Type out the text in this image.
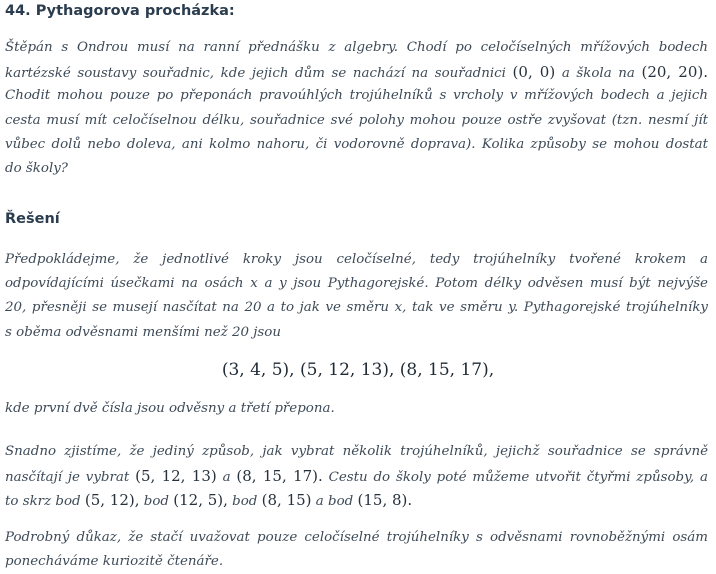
44. Pythagorova procházka:
Štěpán s Ondrou musí na ranní přednášku z algebry. Chodí po celočíselných mřížových bodech
kartézské soustavy souřadnic, kde jejich dům se nachází na souřadnici (0, 0) a škola na (20, 20).
Chodit mohou pouze po přeponách pravoúhlých trojúhelníků s vrcholy v mřížových bodech a jejich
cesta musí mít celočíselnou délku, souřadnice své polohy mohou pouze ostře zvyšovat (tzn. nesmí jít
vůbec dolů nebo doleva, ani kolmo nahoru, či vodorovně doprava). Kolika způsoby se mohou dostat
do školy?
Řešení
Předpokládejme, že jednotlivé kroky jsou celočíselné, tedy trojúhelníky tvořené krokem a
odpovídajícími úsečkami na osách x a y jsou Pythagorejské. Potom délky odvěsen musí být nejvýše
20, přesněji se musejí nasčítat na 20 a to jak ve směru x, tak ve směru y. Pythagorejské trojúhelníky
s oběma odvěsnami menšími než 20 jsou
(3, 4, 5), (5, 12, 13), (8, 15, 17),
kde první dvě čísla jsou odvěsny a třetí přepona.
Snadno zjistíme, že jediný způsob, jak vybrat několik trojúhelníků, jejichž souřadnice se správně
nasčítají je vybrat (5, 12, 13) a (8, 15, 17). Cestu do školy poté můžeme utvořit čtyřmi způsoby, a
to skrz bod (5, 12), bod (12, 5), bod (8, 15) a bod (15, 8).
Podrobný důkaz, že stačí uvažovat pouze celočíselné trojúhelníky s odvěsnami rovnoběžnými osám
ponecháváme kuriozitě čtenáře.
